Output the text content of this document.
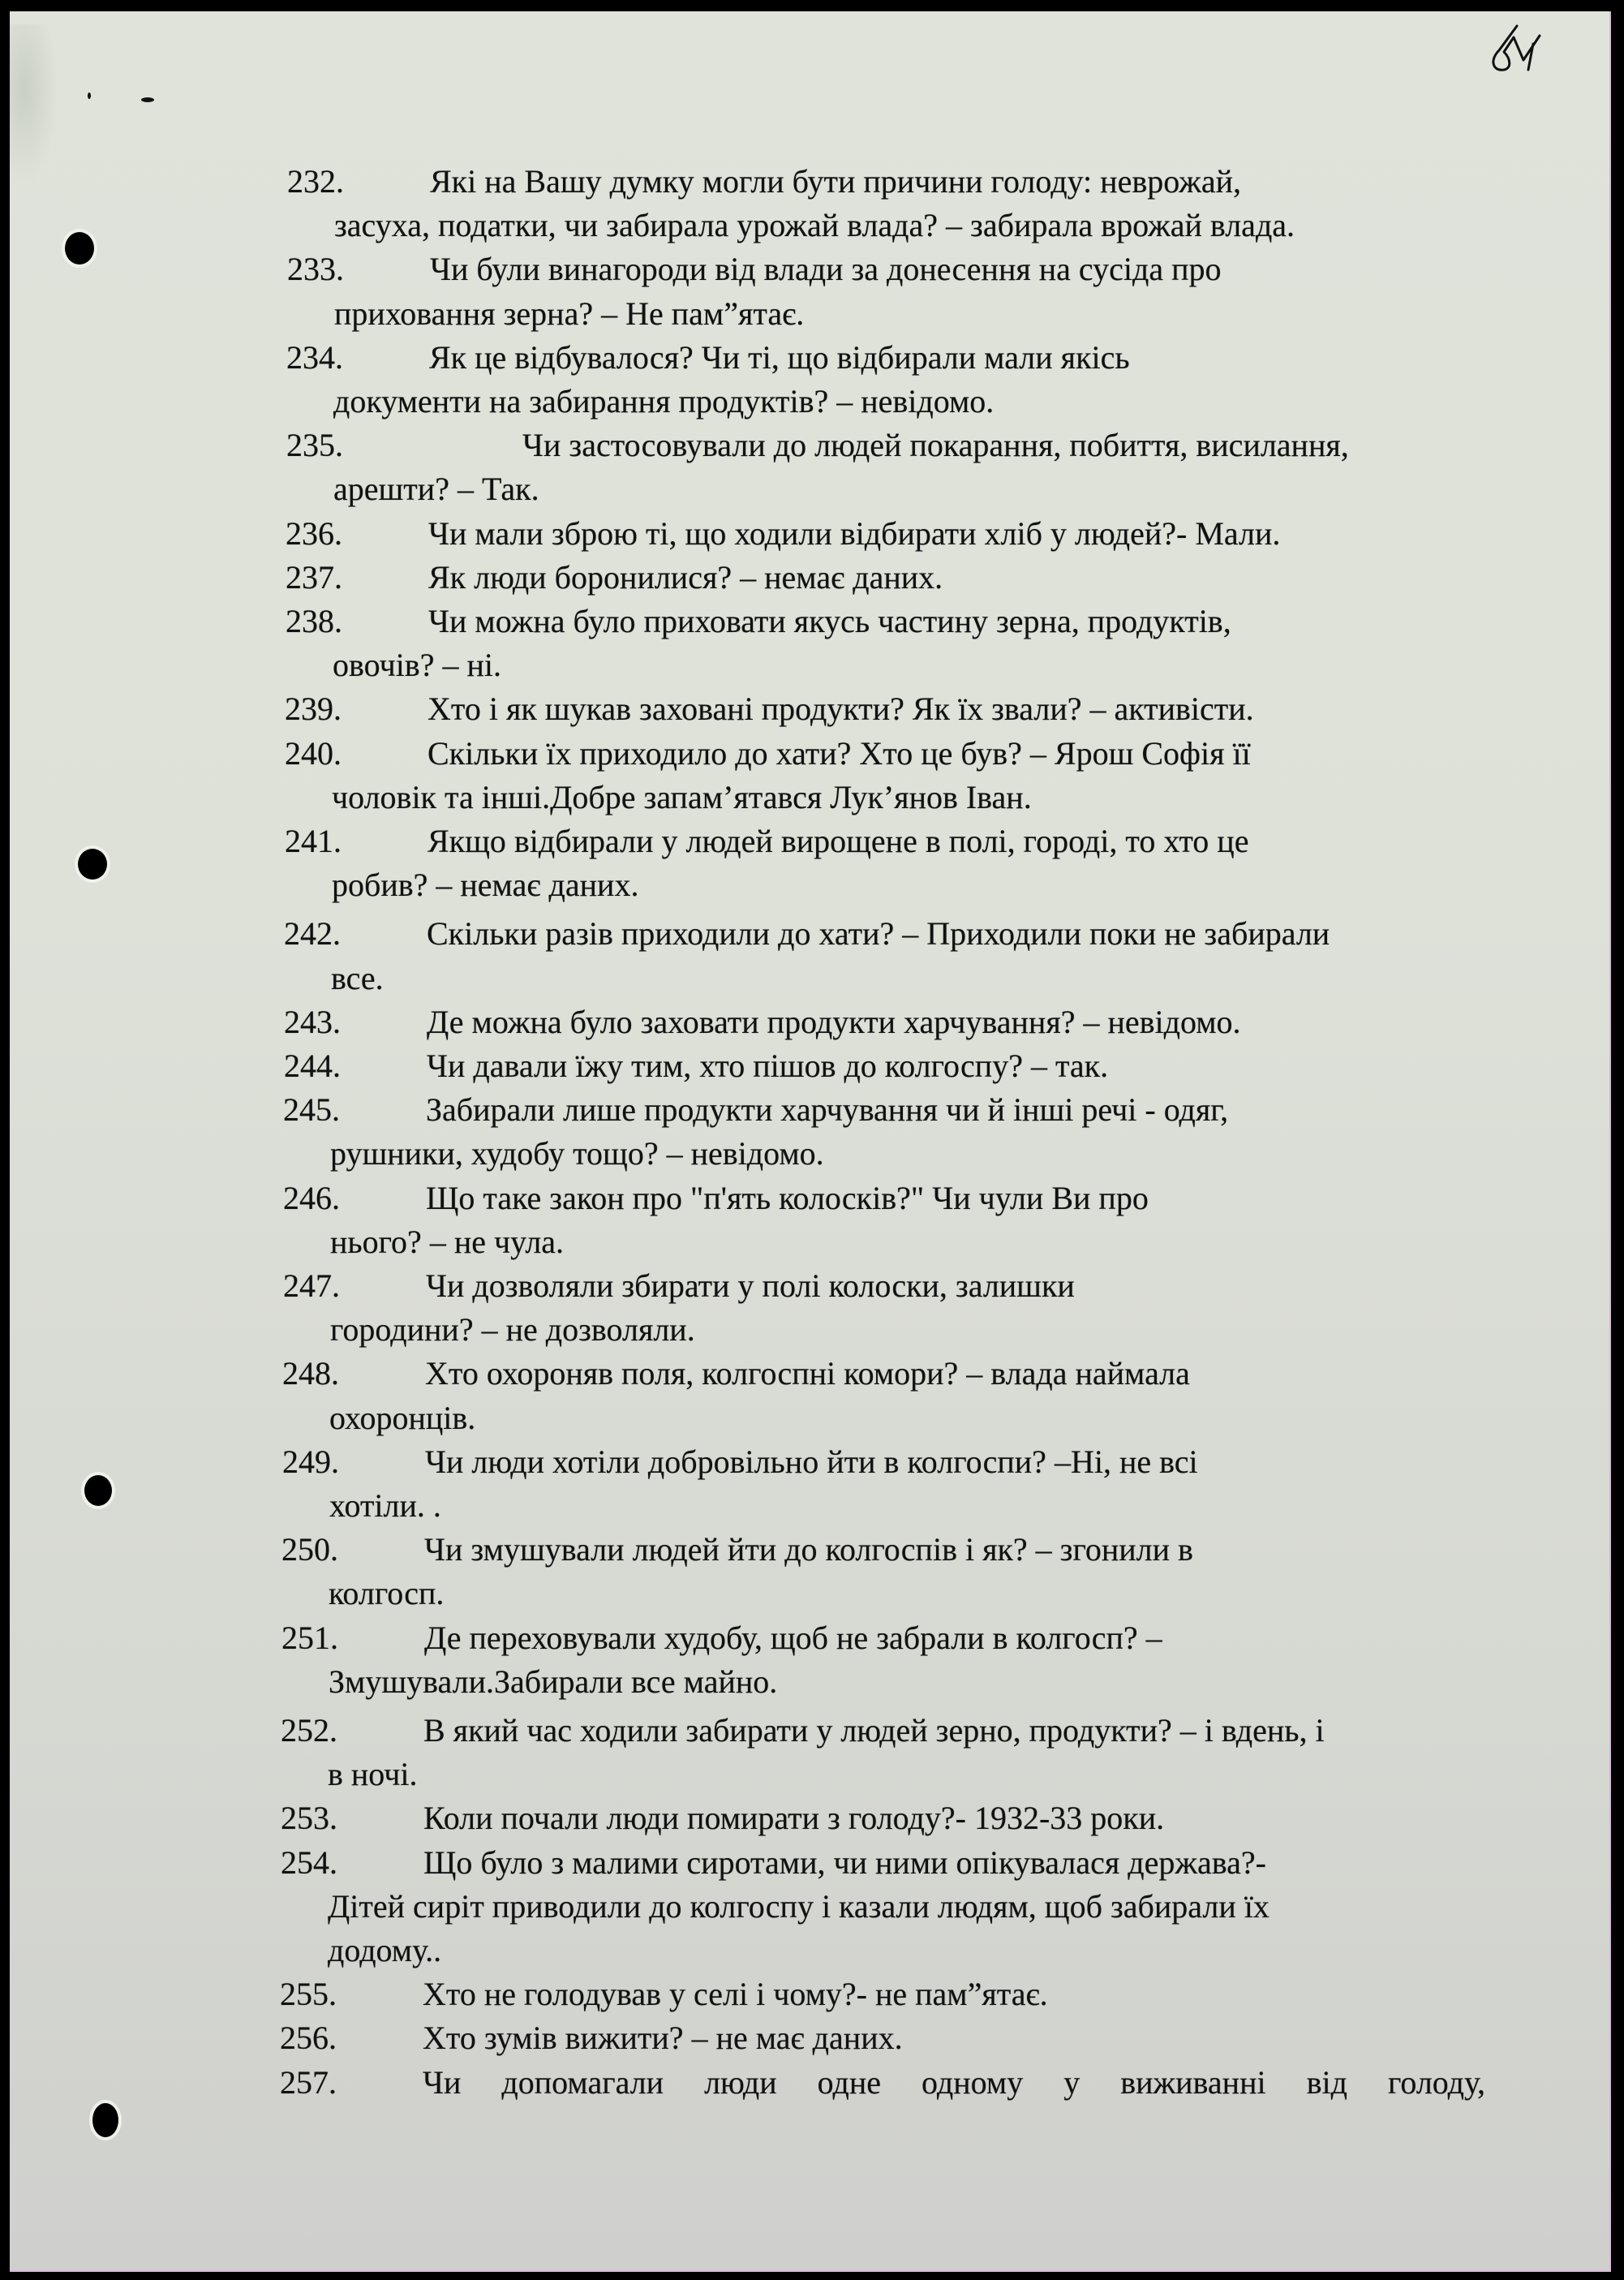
232.	Які на Вашу думку могли бути причини голоду: неврожай,
засуха, податки, чи забирала урожай влада? – забирала врожай влада.
233.	Чи були винагороди від влади за донесення на сусіда про
приховання зерна? – Не пам”ятає.
234.	Як це відбувалося? Чи ті, що відбирали мали якісь
документи на забирання продуктів? – невідомо.
235.	Чи застосовували до людей покарання, побиття, висилання,
арешти? – Так.
236.	Чи мали зброю ті, що ходили відбирати хліб у людей?- Мали.
237.	Як люди боронилися? – немає даних.
238.	Чи можна було приховати якусь частину зерна, продуктів,
овочів? – ні.
239.	Хто і як шукав заховані продукти? Як їх звали? – активісти.
240.	Скільки їх приходило до хати? Хто це був? – Ярош Софія її
чоловік та інші.Добре запам’ятався Лук’янов Іван.
241.	Якщо відбирали у людей вирощене в полі, городі, то хто це
робив? – немає даних.
242.	Скільки разів приходили до хати? – Приходили поки не забирали
все.
243.	Де можна було заховати продукти харчування? – невідомо.
244.	Чи давали їжу тим, хто пішов до колгоспу? – так.
245.	Забирали лише продукти харчування чи й інші речі - одяг,
рушники, худобу тощо? – невідомо.
246.	Що таке закон про "п'ять колосків?" Чи чули Ви про
нього? – не чула.
247.	Чи дозволяли збирати у полі колоски, залишки
городини? – не дозволяли.
248.	Хто охороняв поля, колгоспні комори? – влада наймала
охоронців.
249.	Чи люди хотіли добровільно йти в колгоспи? –Ні, не всі
хотіли. .
250.	Чи змушували людей йти до колгоспів і як? – згонили в
колгосп.
251.	Де переховували худобу, щоб не забрали в колгосп? –
Змушували.Забирали все майно.
252.	В який час ходили забирати у людей зерно, продукти? – і вдень, і
в ночі.
253.	Коли почали люди помирати з голоду?- 1932-33 роки.
254.	Що було з малими сиротами, чи ними опікувалася держава?-
Дітей сиріт приводили до колгоспу і казали людям, щоб забирали їх
додому..
255.	Хто не голодував у селі і чому?- не пам”ятає.
256.	Хто зумів вижити? – не має даних.
257.	Чи допомагали люди одне одному у виживанні від голоду,
